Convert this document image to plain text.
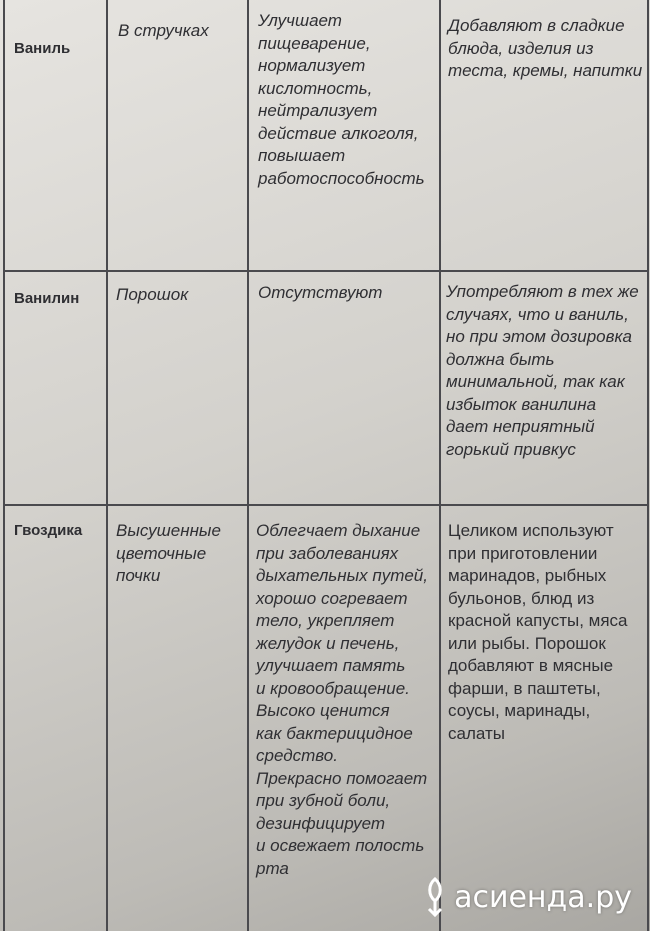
Ваниль
В стручках
Улучшает
пищеварение,
нормализует
кислотность,
нейтрализует
действие алкоголя,
повышает
работоспособность
Добавляют в сладкие
блюда, изделия из
теста, кремы, напитки
Ванилин Порошок	Отсутствуют	Употребляют в тех же
случаях, что и ваниль,
но при этом дозировка
должна быть
минимальной, так как
избыток ванилина
дает неприятный
горький привкус
Гвоздика Высушенные
цветочные
почки
Облегчает дыхание
при заболеваниях
дыхательных путей,
хорошо согревает
тело, укрепляет
желудок и печень,
улучшает память
и кровообращение.
Высоко ценится
как бактерицидное
средство.
Прекрасно помогает
при зубной боли,
дезинфицирует
и освежает полость
рта
Целиком используют
при приготовлении
маринадов, рыбных
бульонов, блюд из
красной капусты, мяса
или рыбы. Порошок
добавляют в мясные
фарши, в паштеты,
соусы, маринады,
салаты
асиенда.ру
